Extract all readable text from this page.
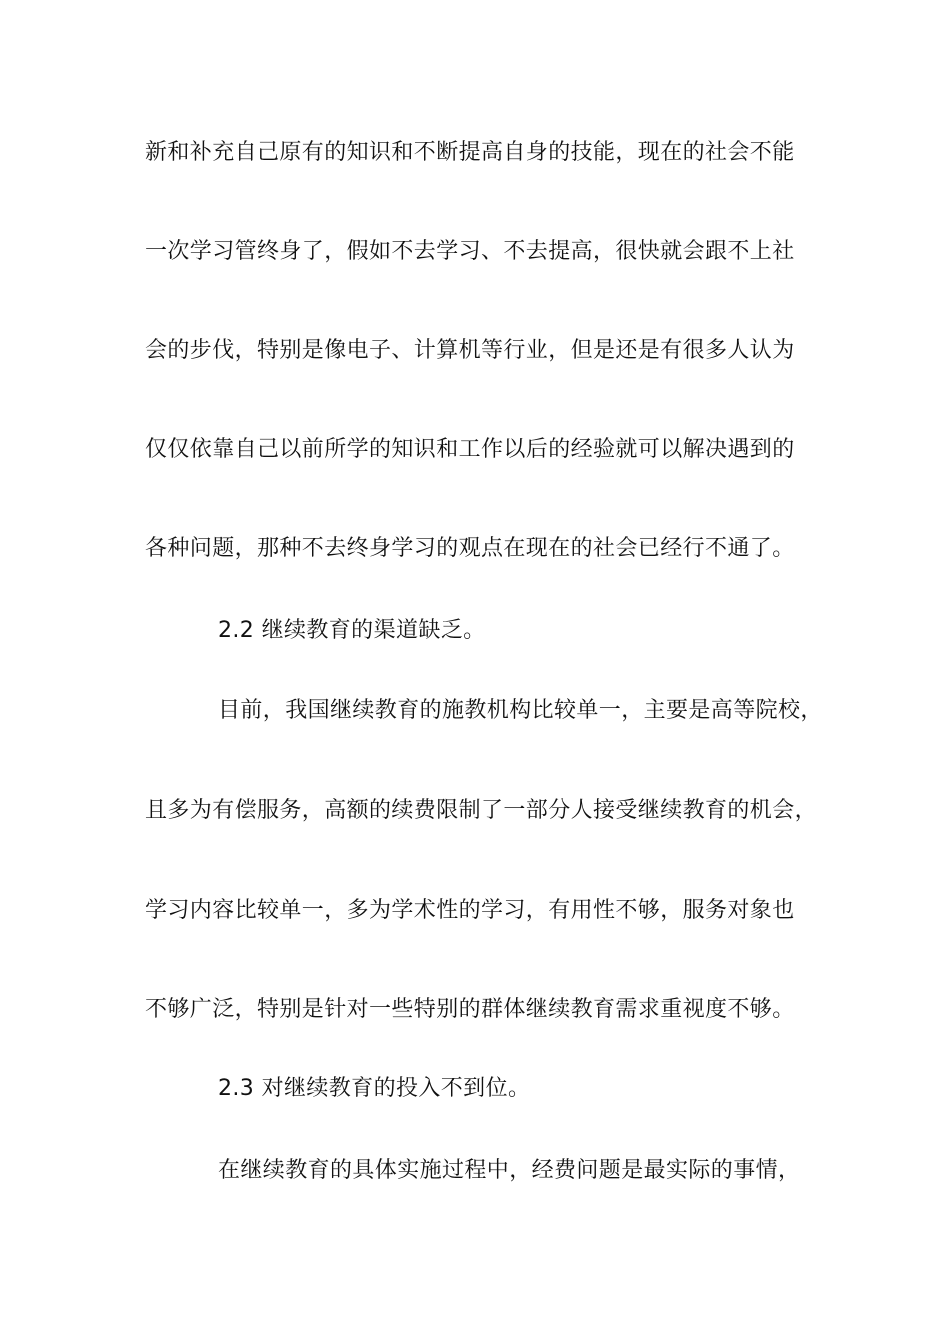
新和补充自己原有的知识和不断提高自身的技能，现在的社会不能
一次学习管终身了，假如不去学习、不去提高，很快就会跟不上社
会的步伐，特别是像电子、计算机等行业，但是还是有很多人认为
仅仅依靠自己以前所学的知识和工作以后的经验就可以解决遇到的
各种问题，那种不去终身学习的观点在现在的社会已经行不通了。
2.2 继续教育的渠道缺乏。
目前，我国继续教育的施教机构比较单一，主要是高等院校，
且多为有偿服务，高额的续费限制了一部分人接受继续教育的机会，
学习内容比较单一，多为学术性的学习，有用性不够，服务对象也
不够广泛，特别是针对一些特别的群体继续教育需求重视度不够。
2.3 对继续教育的投入不到位。
在继续教育的具体实施过程中，经费问题是最实际的事情，
